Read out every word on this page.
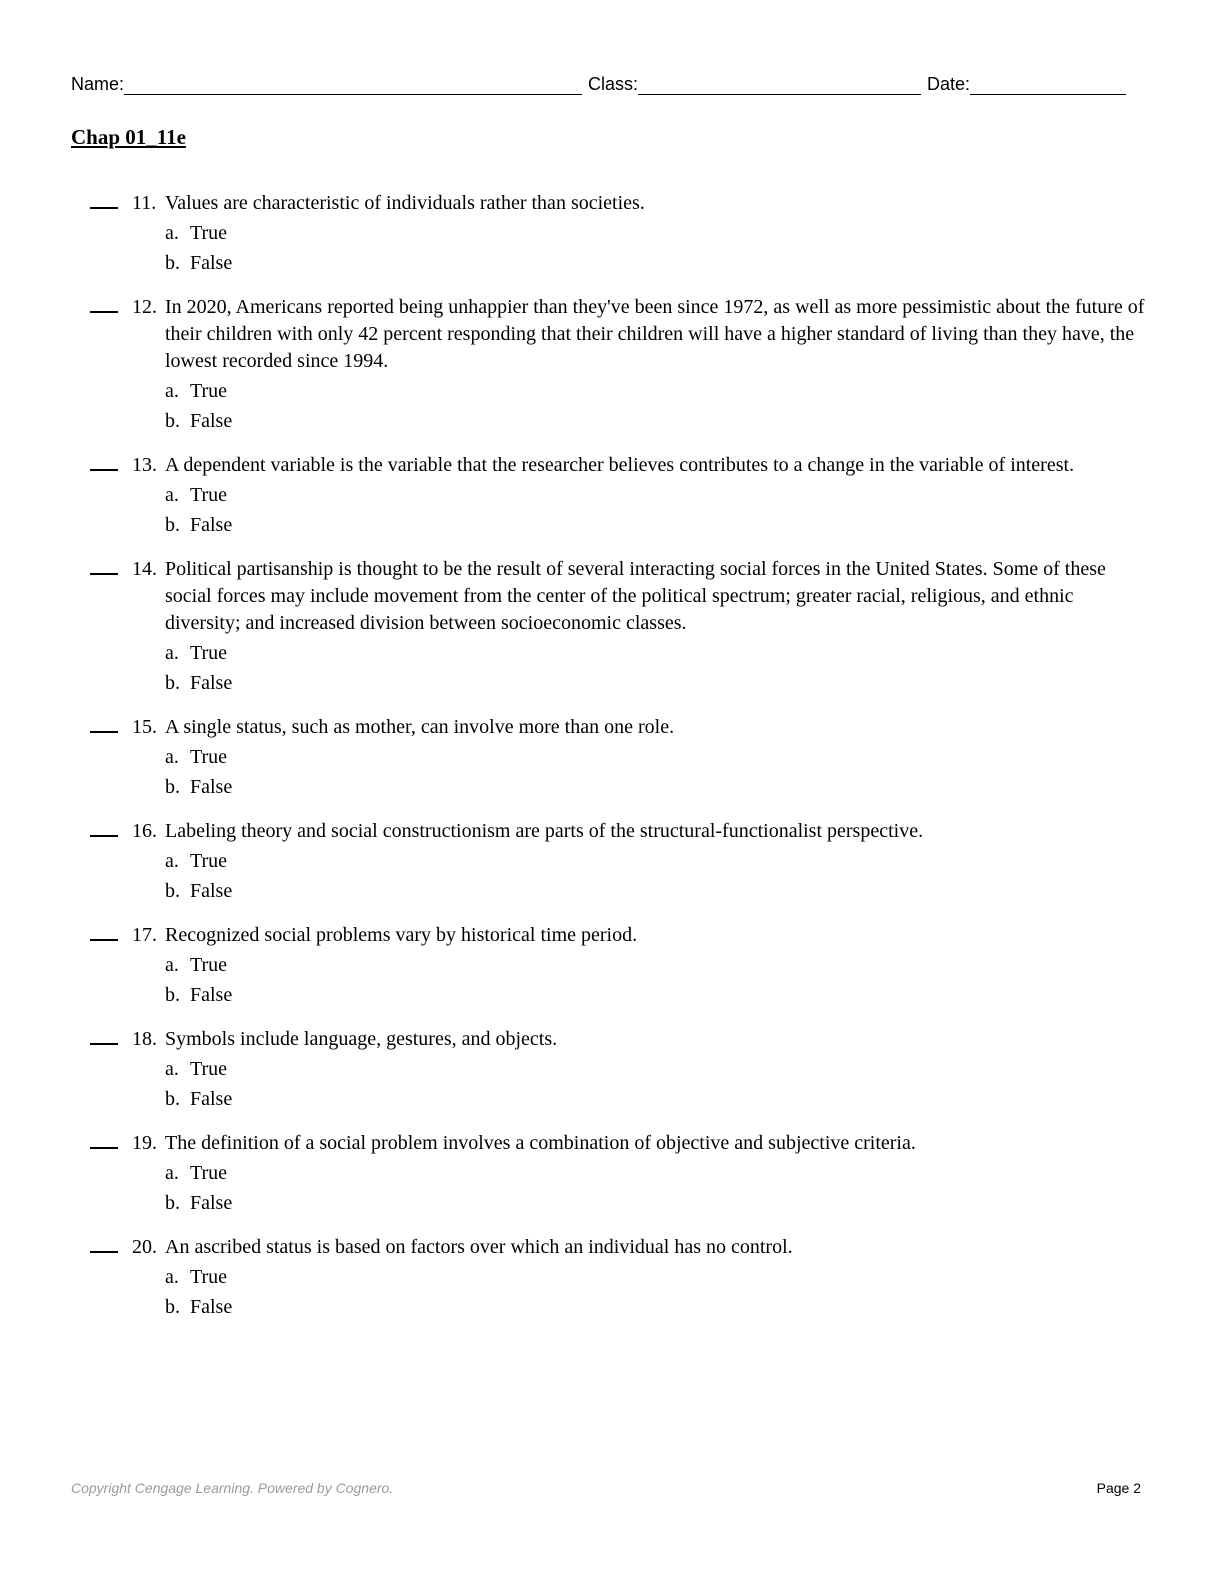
Name:	Class:	Date:
Chap 01_11e
11. Values are characteristic of individuals rather than societies.
a. True
b. False
12. In 2020, Americans reported being unhappier than they've been since 1972, as well as more pessimistic about the future of their children with only 42 percent responding that their children will have a higher standard of living than they have, the lowest recorded since 1994.
a. True
b. False
13. A dependent variable is the variable that the researcher believes contributes to a change in the variable of interest.
a. True
b. False
14. Political partisanship is thought to be the result of several interacting social forces in the United States. Some of these social forces may include movement from the center of the political spectrum; greater racial, religious, and ethnic diversity; and increased division between socioeconomic classes.
a. True
b. False
15. A single status, such as mother, can involve more than one role.
a. True
b. False
16. Labeling theory and social constructionism are parts of the structural-functionalist perspective.
a. True
b. False
17. Recognized social problems vary by historical time period.
a. True
b. False
18. Symbols include language, gestures, and objects.
a. True
b. False
19. The definition of a social problem involves a combination of objective and subjective criteria.
a. True
b. False
20. An ascribed status is based on factors over which an individual has no control.
a. True
b. False
Copyright Cengage Learning. Powered by Cognero.	Page 2
